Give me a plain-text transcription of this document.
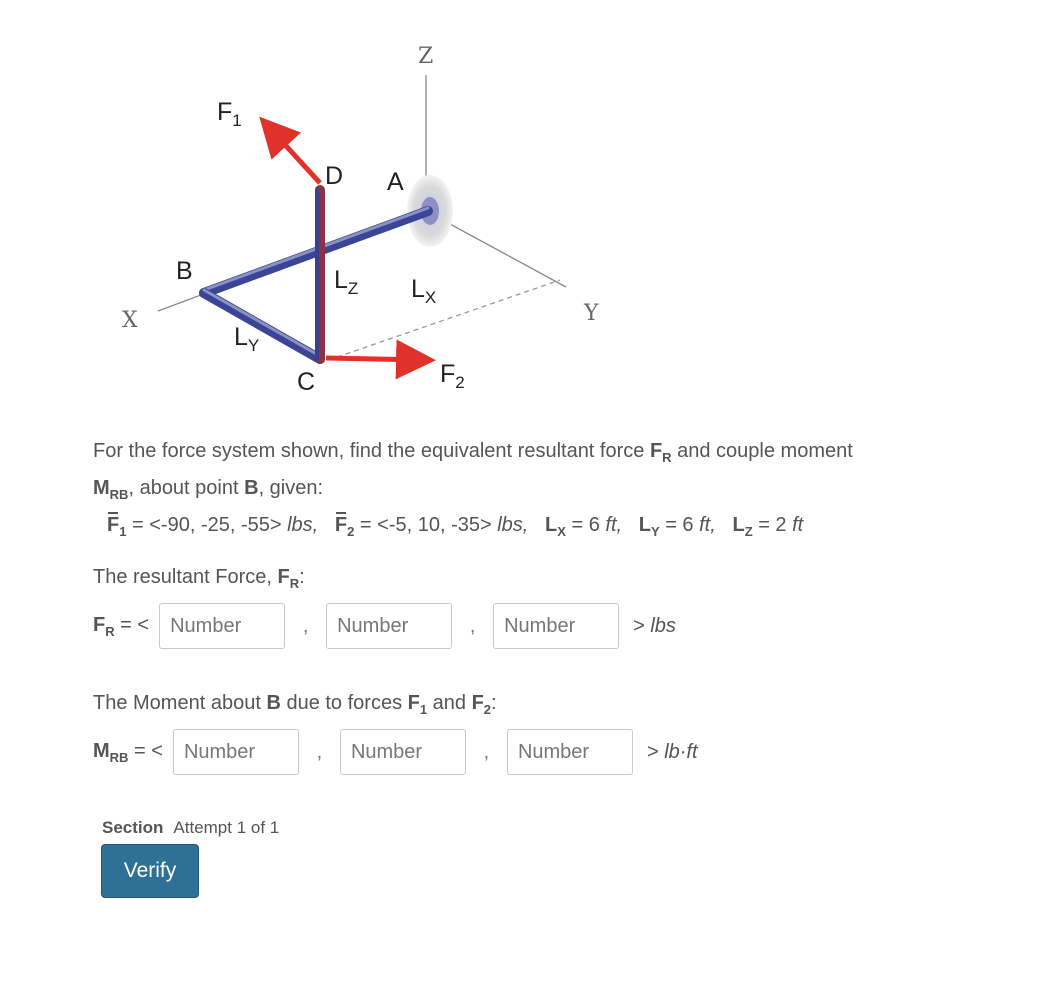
Z
Y
X
D A
B
C
$F_1$
$F_2$
$L_Z$ $L_X$
$L_Y$
For the force system shown, find the equivalent resultant force $F_R$ and couple moment $M_{RB}$, about point B, given:
F
$_1$ = <-90, -25, -55> lbs, F
$_2$ = <-5, 10, -35> lbs, $L_X = 6$ ft, $L_Y = 6$ ft, $L_Z = 2$ ft
The resultant Force, $F_R$:
$F_R$ = <
Number	,
Number	,
Number	> lbs
The Moment about B due to forces $F_1$ and $F_2$:
$M_{RB}$ = <
Number	,
Number	,
Number	> lb·ft
Section Attempt 1 of 1
Verify
